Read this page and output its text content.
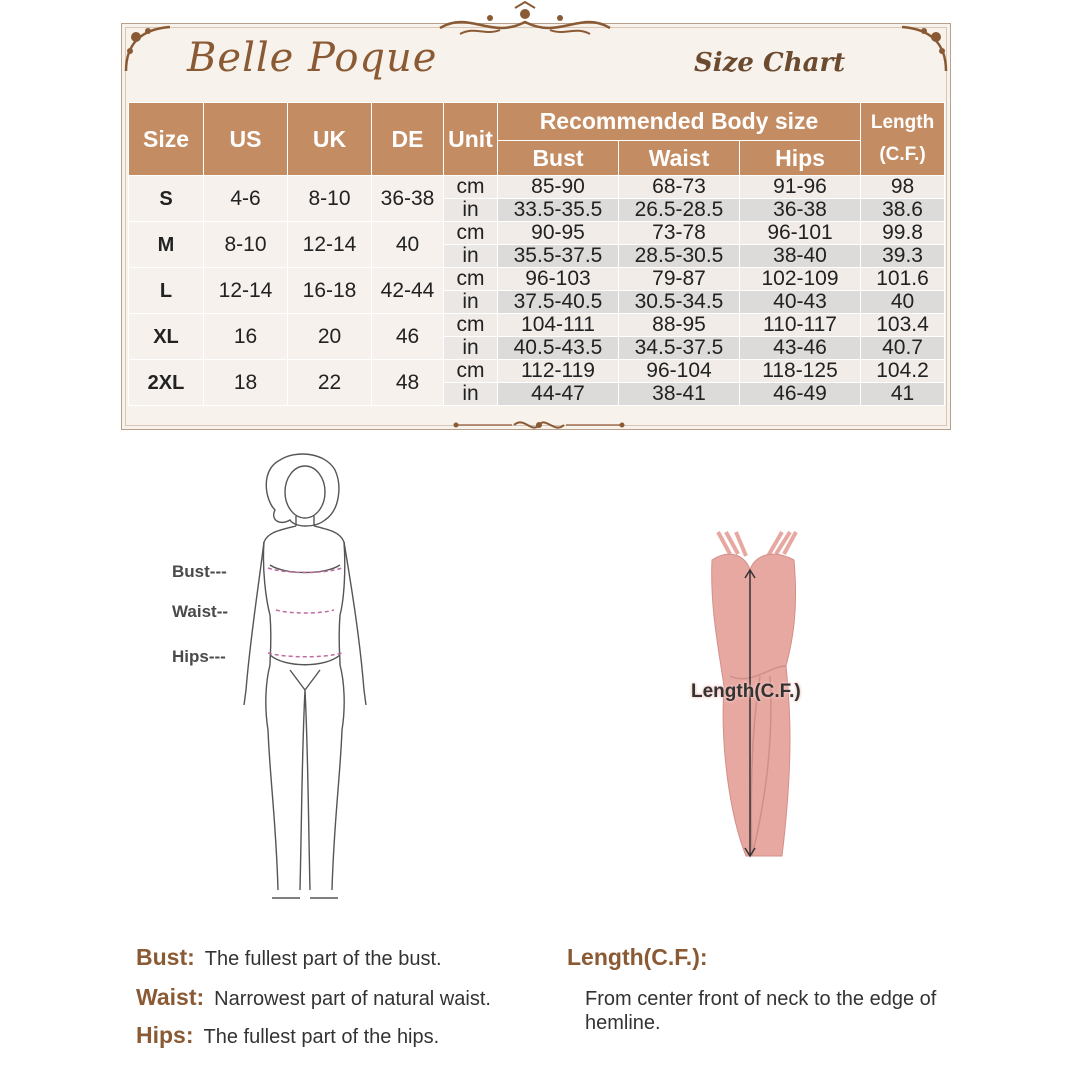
Belle Poque	Size Chart
Size	US	UK	DE	Unit	Recommended Body size			Length
(C.F.)

					Bust	Waist	Hips	
S	4-6	8-10	36-38	cm	85-90	68-73	91-96	98
				in	33.5-35.5	26.5-28.5	36-38	38.6
M	8-10	12-14	40	cm	90-95	73-78	96-101	99.8
				in	35.5-37.5	28.5-30.5	38-40	39.3
L	12-14	16-18	42-44	cm	96-103	79-87	102-109	101.6
				in	37.5-40.5	30.5-34.5	40-43	40
XL	16	20	46	cm	104-111	88-95	110-117	103.4
				in	40.5-43.5	34.5-37.5	43-46	40.7
2XL	18	22	48	cm	112-119	96-104	118-125	104.2
				in	44-47	38-41	46-49	41
Bust---
Waist--
Hips---
Length(C.F.)
Bust: The fullest part of the bust.
Waist: Narrowest part of natural waist.
Hips: The fullest part of the hips.
Length(C.F.):
From center front of neck to the edge of hemline.
